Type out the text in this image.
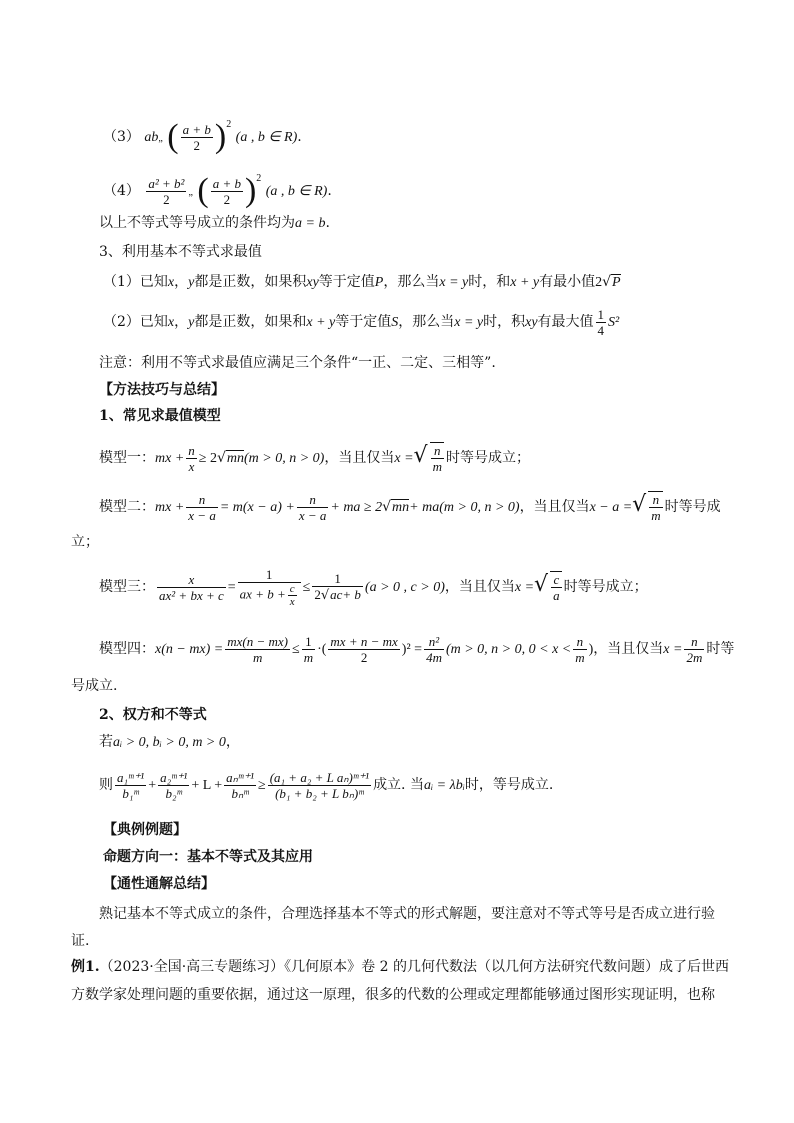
（3） ab„ ( $\frac{a + b}{2} )^2$ (a , b ∈ R).
$(4) \frac{\text{a² + b²}}{2}$ „ ( $\frac{a + b}{2} )^2$ (a , b ∈ R).
以上不等式等号成立的条件均为a = b.
3、利用基本不等式求最值
（1）已知x，y都是正数，如果积xy等于定值P，那么当x = y时，和x + y有最小值2√P
（2）已知x，y都是正数，如果和x + y等于定值S，那么当x = y时，积xy有最大值 $\frac{1}{4} S^2$
注意：利用不等式求最值应满足三个条件“一正、二定、三相等”.
【方法技巧与总结】
1、常见求最值模型
模型一：mx + $\frac{n}{x} \ge 2√mn(m > 0$, n > 0)，当且仅当x =√ $\frac{n}{m}$ 时等号成立；
模型二：mx + $\frac{n}{x - a} = m(x - a) + \frac{n}{x - a}$ + ma ≥ 2√mn+ ma(m > 0, n > 0)，当且仅当x − a =√ $\frac{n}{m}$ 时等号成
立；
模型三： $\frac{x}{\text{ax² + bx + c}} = \frac{1}{ax + b + \frac{c}{x}} \le \frac{1}{2√ac+ b} (a > 0$ , c > 0)，当且仅当x =√ $\frac{c}{a}$ 时等号成立；
模型四：$x(n - mx) = \frac{mx(n - mx)}{m} \le \frac{1}{m}$ ·( $\frac{mx + n - mx}{2} )^2 = \frac{\text{n²}}{4m} (m > 0$, n > 0, $0 < x < \frac{n}{m}$ )，当且仅当$x = \frac{n}{2m}$ 时等
号成立.
2、权方和不等式
若aᵢ > 0, bᵢ > 0, m > 0，
则 $\frac{\text{a₁ᵐ⁺¹}}{\text{b₁ᵐ}} + \frac{\text{a₂ᵐ⁺¹}}{\text{b₂ᵐ}} + L + \frac{\text{aₙᵐ⁺¹}}{\text{bₙᵐ}} \ge \frac{\text{(a₁ + a₂ + L aₙ)ᵐ⁺¹}}{\text{(b₁ + b₂ + L bₙ)ᵐ}}$ 成立. 当aᵢ = λbᵢ时，等号成立.
【典例例题】
命题方向一：基本不等式及其应用
【通性通解总结】
熟记基本不等式成立的条件，合理选择基本不等式的形式解题，要注意对不等式等号是否成立进行验
证.
例1.（2023·全国·高三专题练习）《几何原本》卷 2 的几何代数法（以几何方法研究代数问题）成了后世西
方数学家处理问题的重要依据，通过这一原理，很多的代数的公理或定理都能够通过图形实现证明，也称
